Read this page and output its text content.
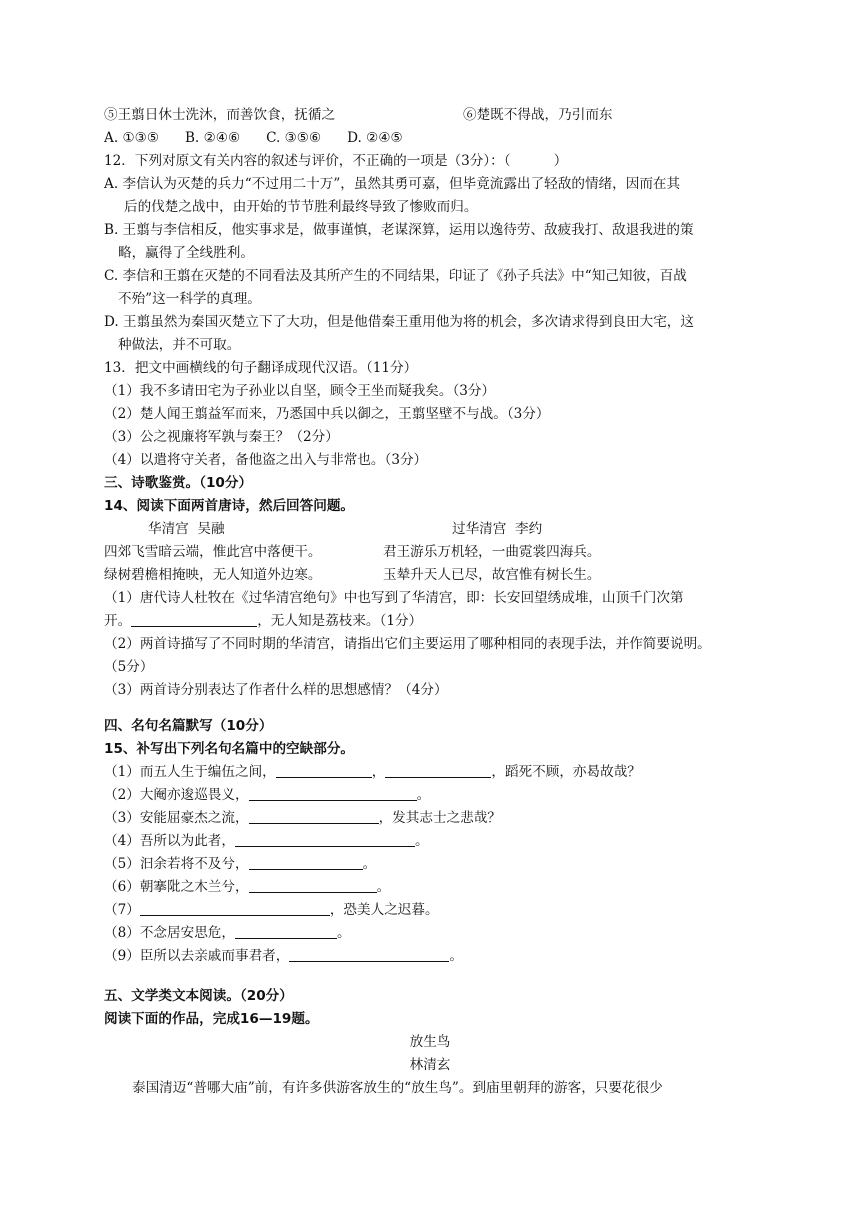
⑤王翦日休士洗沐，而善饮食，抚循之	⑥楚既不得战，乃引而东
A. ①③⑤      B. ②④⑥      C. ③⑤⑥      D. ②④⑤
12．下列对原文有关内容的叙述与评价，不正确的一项是（3分）：（          ）
A. 李信认为灭楚的兵力“不过用二十万”，虽然其勇可嘉，但毕竟流露出了轻敌的情绪，因而在其
后的伐楚之战中，由开始的节节胜利最终导致了惨败而归。
B. 王翦与李信相反，他实事求是，做事谨慎，老谋深算，运用以逸待劳、敌疲我打、敌退我进的策
略，赢得了全线胜利。
C. 李信和王翦在灭楚的不同看法及其所产生的不同结果，印证了《孙子兵法》中“知己知彼，百战
不殆”这一科学的真理。
D. 王翦虽然为秦国灭楚立下了大功，但是他借秦王重用他为将的机会，多次请求得到良田大宅，这
种做法，并不可取。
13．把文中画横线的句子翻译成现代汉语。（11分）
（1）我不多请田宅为子孙业以自坚，顾令王坐而疑我矣。（3分）
（2）楚人闻王翦益军而来，乃悉国中兵以御之，王翦坚壁不与战。（3分）
（3）公之视廉将军孰与秦王？（2分）
（4）以遣将守关者，备他盗之出入与非常也。（3分）
三、诗歌鉴赏。（10分）
14、阅读下面两首唐诗，然后回答问题。
华清宫  吴融	过华清宫  李约
四郊飞雪暗云端，惟此宫中落便干。	君王游乐万机轻，一曲霓裳四海兵。
绿树碧檐相掩映，无人知道外边寒。	玉辇升天人已尽，故宫惟有树长生。
（1）唐代诗人杜牧在《过华清宫绝句》中也写到了华清宫，即：长安回望绣成堆，山顶千门次第
开。	，无人知是荔枝来。（1分）
（2）两首诗描写了不同时期的华清宫，请指出它们主要运用了哪种相同的表现手法，并作简要说明。
（5分）
（3）两首诗分别表达了作者什么样的思想感情？（4分）
四、名句名篇默写（10分）
15、补写出下列名句名篇中的空缺部分。
（1）而五人生于编伍之间，	，	，蹈死不顾，亦曷故哉？
（2）大阉亦逡巡畏义，	。
（3）安能屈豪杰之流，	，发其志士之悲哉？
（4）吾所以为此者，	。
（5）汩余若将不及兮，	。
（6）朝搴阰之木兰兮，	。
（7）	，恐美人之迟暮。
（8）不念居安思危，	。
（9）臣所以去亲戚而事君者，	。
五、文学类文本阅读。（20分）
阅读下面的作品，完成16—19题。
放生鸟
林清玄
泰国清迈“普哪大庙”前，有许多供游客放生的“放生鸟”。到庙里朝拜的游客，只要花很少
